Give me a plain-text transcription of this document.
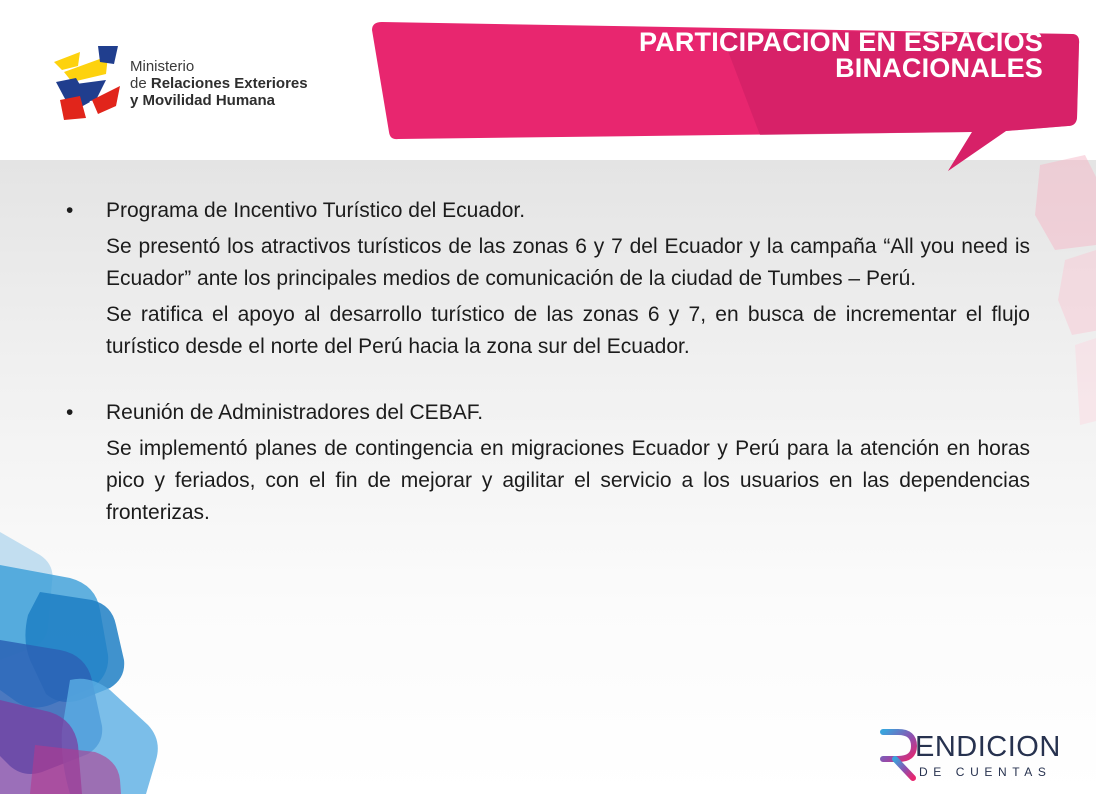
Ministerio
de Relaciones Exteriores
y Movilidad Humana
PARTICIPACION EN ESPACIOS
BINACIONALES
• Programa de Incentivo Turístico del Ecuador.

Se presentó los atractivos turísticos de las zonas 6 y 7 del Ecuador y la campaña “All you need is Ecuador” ante los principales medios de comunicación de la ciudad de Tumbes – Perú.

Se ratifica el apoyo al desarrollo turístico de las zonas 6 y 7, en busca de incrementar el flujo turístico desde el norte del Perú hacia la zona sur del Ecuador.

• Reunión de Administradores del CEBAF.

Se implementó planes de contingencia en migraciones Ecuador y Perú para la atención en horas pico y feriados, con el fin de mejorar y agilitar el servicio a los usuarios en las dependencias fronterizas.

ENDICION
DE CUENTAS
